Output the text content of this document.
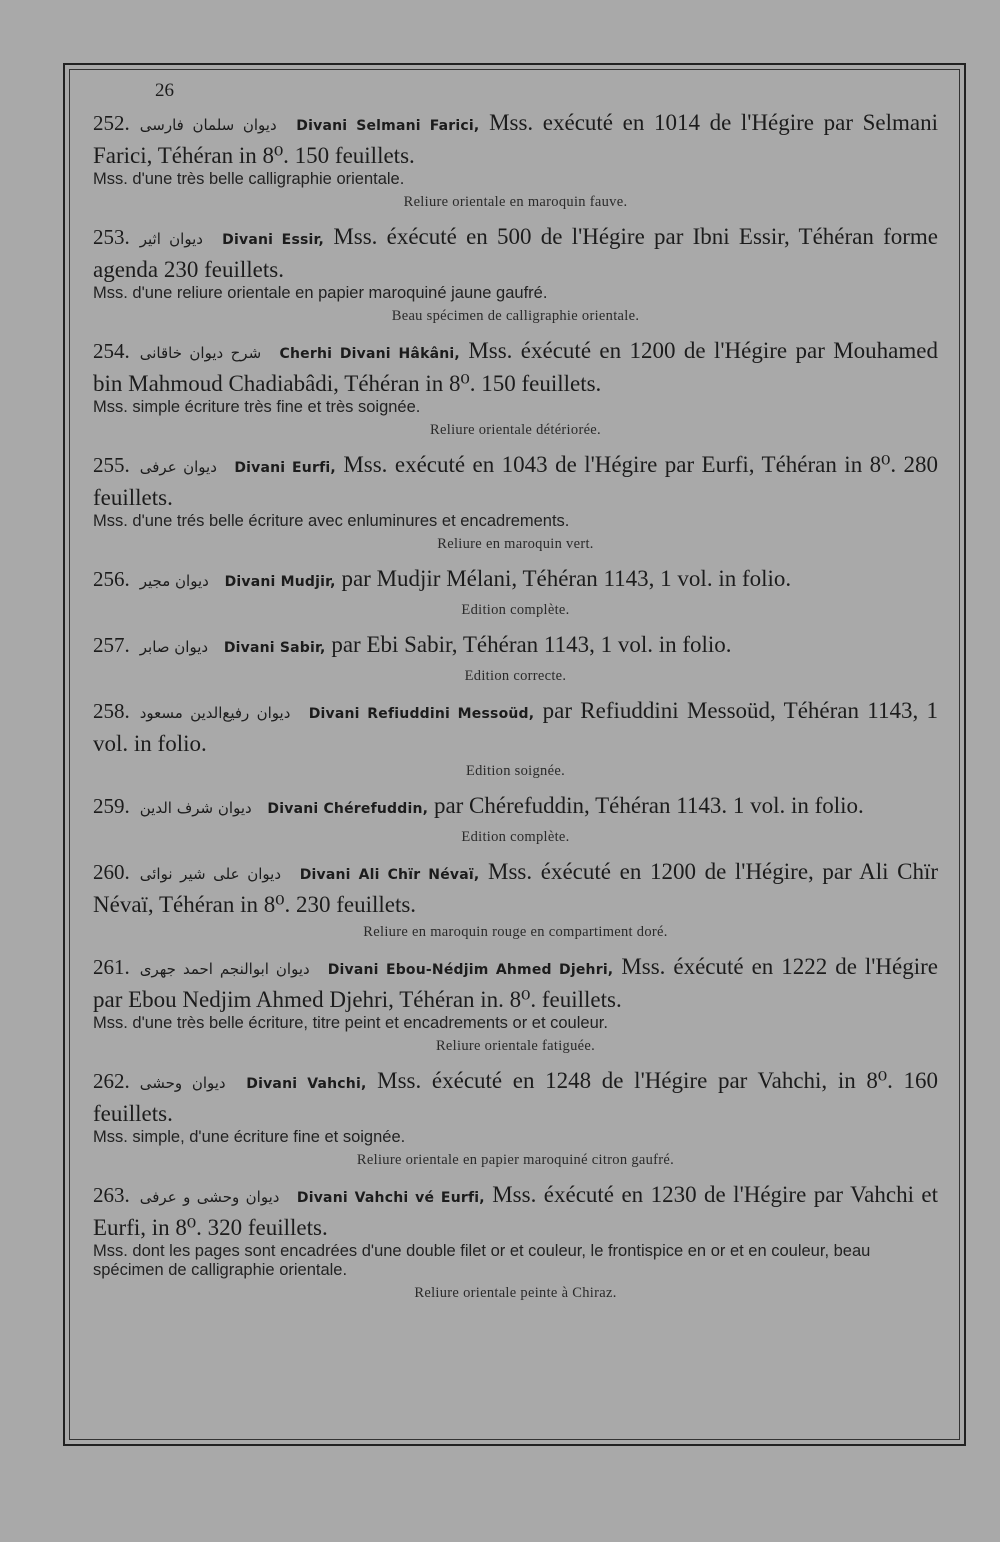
26
252. ديوان سلمان فارسى Divani Selmani Farici, Mss. exécuté en 1014 de l'Hégire par Selmani Farici, Téhéran in 8⁰. 150 feuillets.
Mss. d'une très belle calligraphie orientale.
Reliure orientale en maroquin fauve.
253. ديوان اثير Divani Essir, Mss. éxécuté en 500 de l'Hégire par Ibni Essir, Téhéran forme agenda 230 feuillets.
Mss. d'une reliure orientale en papier maroquiné jaune gaufré.
Beau spécimen de calligraphie orientale.
254. شرح ديوان خاقانى Cherhi Divani Hâkâni, Mss. éxécuté en 1200 de l'Hégire par Mouhamed bin Mahmoud Chadiabâdi, Téhéran in 8⁰. 150 feuillets.
Mss. simple écriture très fine et très soignée.
Reliure orientale détériorée.
255. ديوان عرفى Divani Eurfi, Mss. exécuté en 1043 de l'Hégire par Eurfi, Téhéran in 8⁰. 280 feuillets.
Mss. d'une trés belle écriture avec enluminures et encadrements.
Reliure en maroquin vert.
256. ديوان مجير Divani Mudjir, par Mudjir Mélani, Téhéran 1143, 1 vol. in folio.
Edition complète.
257. ديوان صابر Divani Sabir, par Ebi Sabir, Téhéran 1143, 1 vol. in folio.
Edition correcte.
258. ديوان رفيع‌الدين مسعود Divani Refiuddini Messoüd, par Refiuddini Messoüd, Téhéran 1143, 1 vol. in folio.
Edition soignée.
259. ديوان شرف الدين Divani Chérefuddin, par Chérefuddin, Téhéran 1143. 1 vol. in folio.
Edition complète.
260. ديوان على شير نوائى Divani Ali Chïr Névaï, Mss. éxécuté en 1200 de l'Hégire, par Ali Chïr Névaï, Téhéran in 8⁰. 230 feuillets.
Reliure en maroquin rouge en compartiment doré.
261. ديوان ابوالنجم احمد جهرى Divani Ebou-Nédjim Ahmed Djehri, Mss. éxécuté en 1222 de l'Hégire par Ebou Nedjim Ahmed Djehri, Téhéran in. 8⁰. feuillets.
Mss. d'une très belle écriture, titre peint et encadrements or et couleur.
Reliure orientale fatiguée.
262. ديوان وحشى Divani Vahchi, Mss. éxécuté en 1248 de l'Hégire par Vahchi, in 8⁰. 160 feuillets.
Mss. simple, d'une écriture fine et soignée.
Reliure orientale en papier maroquiné citron gaufré.
263. ديوان وحشى و عرفى Divani Vahchi vé Eurfi, Mss. éxécuté en 1230 de l'Hégire par Vahchi et Eurfi, in 8⁰. 320 feuillets.
Mss. dont les pages sont encadrées d'une double filet or et couleur, le frontispice en or et en couleur, beau spécimen de calligraphie orientale.
Reliure orientale peinte à Chiraz.
